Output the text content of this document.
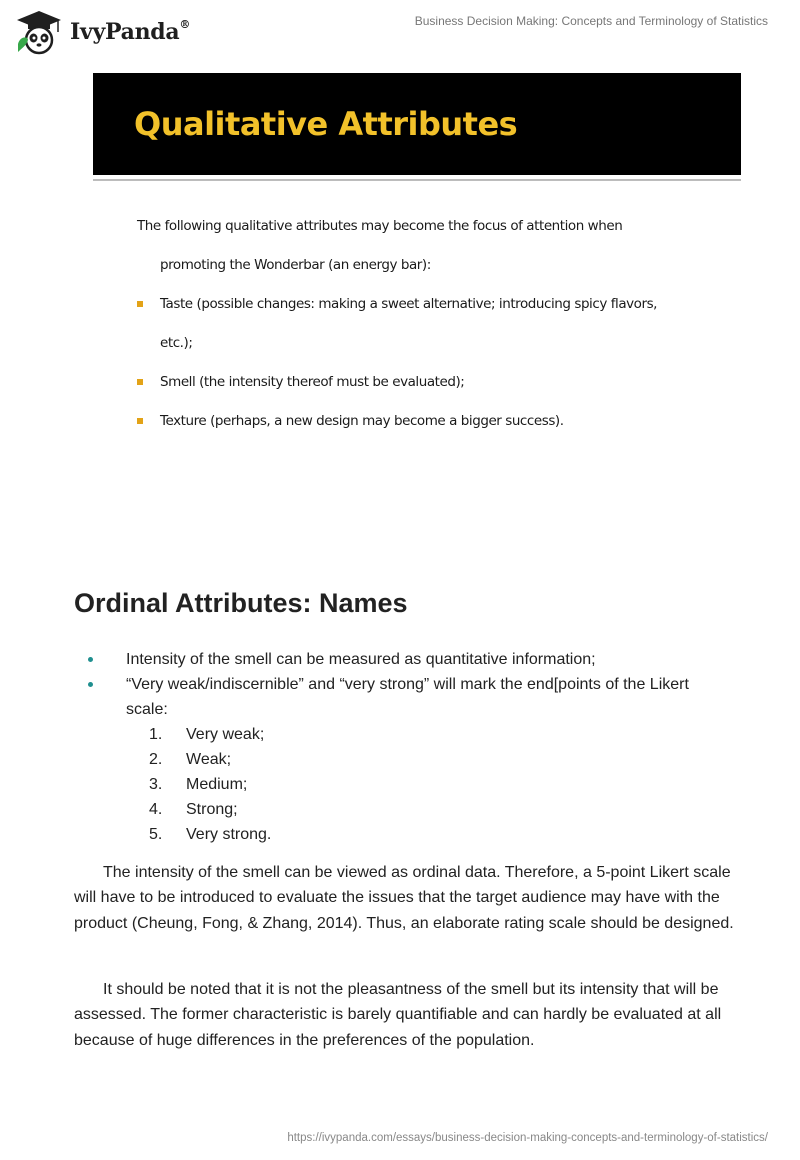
IvyPanda®	Business Decision Making: Concepts and Terminology of Statistics
Qualitative Attributes
The following qualitative attributes may become the focus of attention when
promoting the Wonderbar (an energy bar):
Taste (possible changes: making a sweet alternative; introducing spicy flavors,
etc.);
Smell (the intensity thereof must be evaluated);
Texture (perhaps, a new design may become a bigger success).
Ordinal Attributes: Names
Intensity of the smell can be measured as quantitative information;
“Very weak/indiscernible” and “very strong” will mark the end[points of the Likert scale:
1. Very weak;
2. Weak;
3. Medium;
4. Strong;
5. Very strong.

The intensity of the smell can be viewed as ordinal data. Therefore, a 5-point Likert scale will have to be introduced to evaluate the issues that the target audience may have with the product (Cheung, Fong, & Zhang, 2014). Thus, an elaborate rating scale should be designed.

It should be noted that it is not the pleasantness of the smell but its intensity that will be assessed. The former characteristic is barely quantifiable and can hardly be evaluated at all because of huge differences in the preferences of the population.

https://ivypanda.com/essays/business-decision-making-concepts-and-terminology-of-statistics/
